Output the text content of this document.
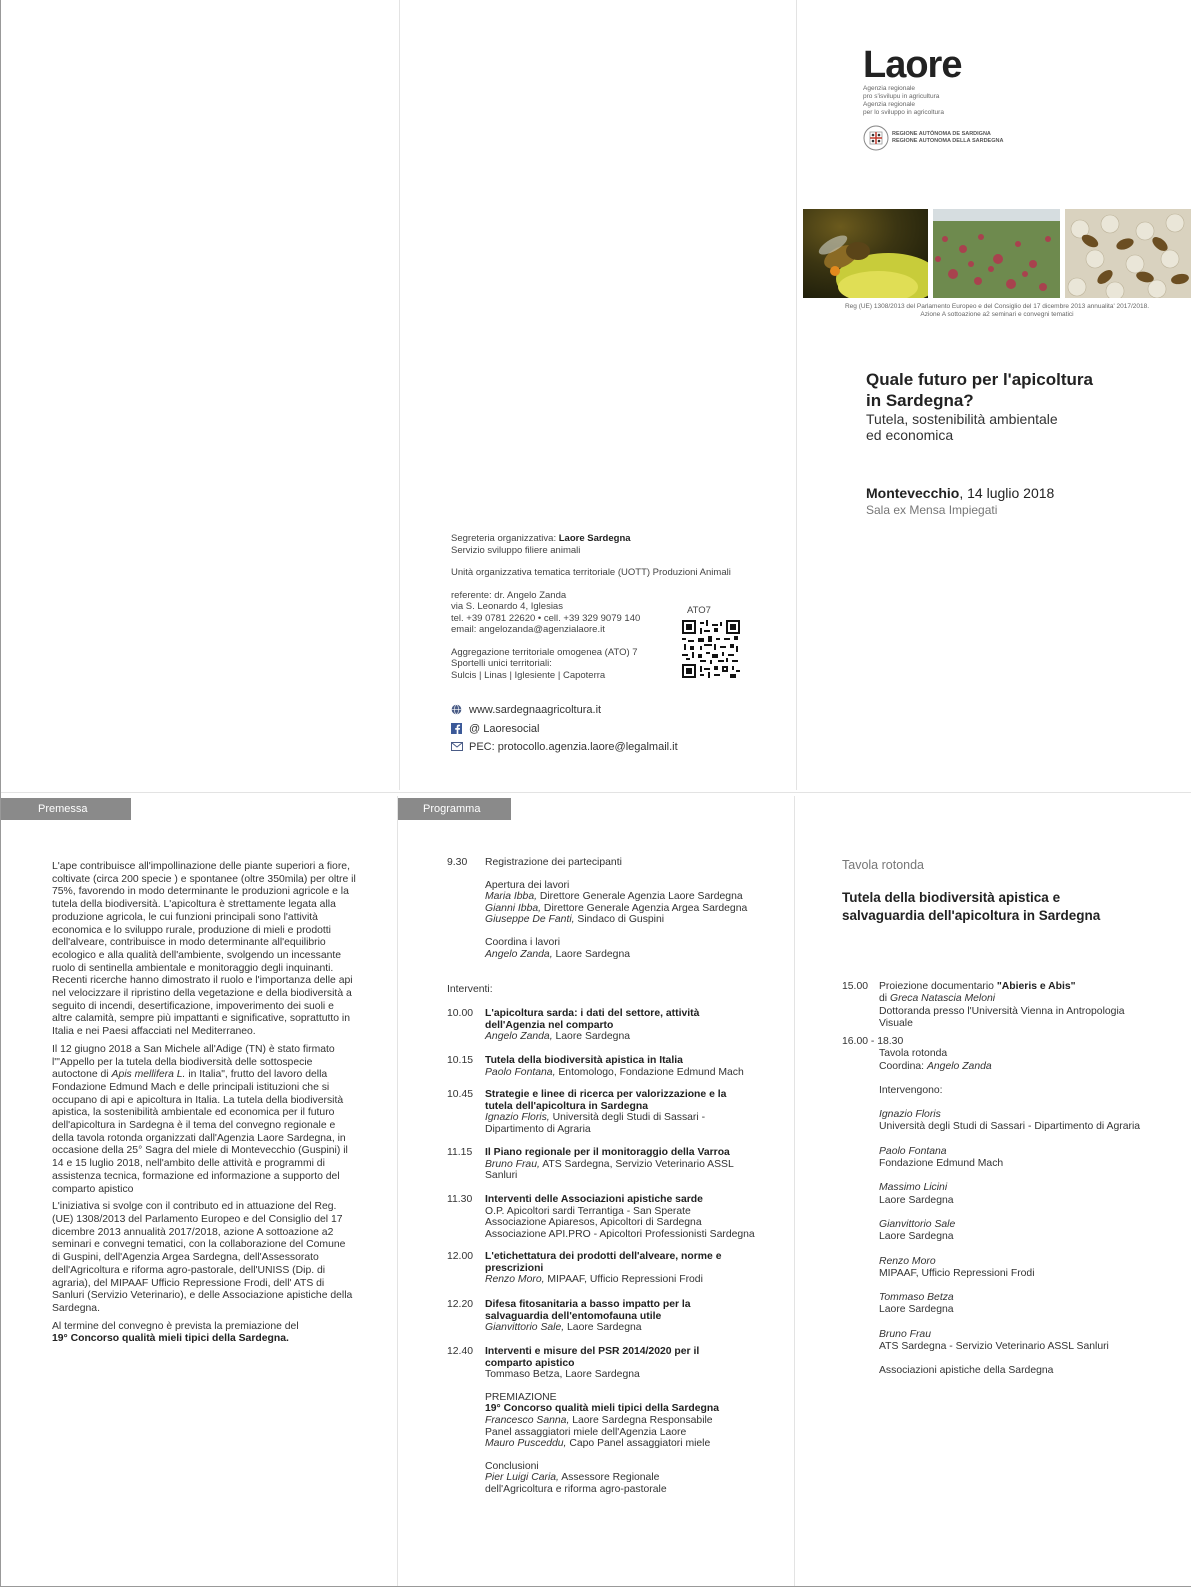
Laore
Agenzia regionale
pro s'isvilupu in agricultura
Agenzia regionale
per lo sviluppo in agricoltura
REGIONE AUTÒNOMA DE SARDIGNA
REGIONE AUTONOMA DELLA SARDEGNA
Reg (UE) 1308/2013 del Parlamento Europeo e del Consiglio del 17 dicembre 2013 annualita' 2017/2018.
Azione A sottoazione a2 seminari e convegni tematici
Quale futuro per l'apicoltura
in Sardegna?
Tutela, sostenibilità ambientale
ed economica
Montevecchio, 14 luglio 2018
Sala ex Mensa Impiegati
Segreteria organizzativa: Laore Sardegna
Servizio sviluppo filiere animali
Unità organizzativa tematica territoriale (UOTT) Produzioni Animali
referente: dr. Angelo Zanda
via S. Leonardo 4, Iglesias
tel. +39 0781 22620 • cell. +39 329 9079 140
email: angelozanda@agenzialaore.it
Aggregazione territoriale omogenea (ATO) 7
Sportelli unici territoriali:
Sulcis | Linas | Iglesiente | Capoterra
ATO7
www.sardegnaagricoltura.it
@ Laoresocial
PEC: protocollo.agenzia.laore@legalmail.it
Premessa
L'ape contribuisce all'impollinazione delle piante superiori a fiore, coltivate (circa 200 specie ) e spontanee (oltre 350mila) per oltre il 75%, favorendo in modo determinante le produzioni agricole e la tutela della biodiversità. L'apicoltura è strettamente legata alla produzione agricola, le cui funzioni principali sono l'attività economica e lo sviluppo rurale, produzione di mieli e prodotti dell'alveare, contribuisce in modo determinante all'equilibrio ecologico e alla qualità dell'ambiente, svolgendo un incessante ruolo di sentinella ambientale e monitoraggio degli inquinanti. Recenti ricerche hanno dimostrato il ruolo e l'importanza delle api nel velocizzare il ripristino della vegetazione e della biodiversità a seguito di incendi, desertificazione, impoverimento dei suoli e altre calamità, sempre più impattanti e significative, soprattutto in Italia e nei Paesi affacciati nel Mediterraneo.
Il 12 giugno 2018 a San Michele all'Adige (TN) è stato firmato l'"Appello per la tutela della biodiversità delle sottospecie autoctone di Apis mellifera L. in Italia", frutto del lavoro della Fondazione Edmund Mach e delle principali istituzioni che si occupano di api e apicoltura in Italia. La tutela della biodiversità apistica, la sostenibilità ambientale ed economica per il futuro dell'apicoltura in Sardegna è il tema del convegno regionale e della tavola rotonda organizzati dall'Agenzia Laore Sardegna, in occasione della 25° Sagra del miele di Montevecchio (Guspini) il 14 e 15 luglio 2018, nell'ambito delle attività e programmi di assistenza tecnica, formazione ed informazione a supporto del comparto apistico
L'iniziativa si svolge con il contributo ed in attuazione del Reg. (UE) 1308/2013 del Parlamento Europeo e del Consiglio del 17 dicembre 2013 annualità 2017/2018, azione A sottoazione a2 seminari e convegni tematici, con la collaborazione del Comune di Guspini, dell'Agenzia Argea Sardegna, dell'Assessorato dell'Agricoltura e riforma agro-pastorale, dell'UNISS (Dip. di agraria), del MIPAAF Ufficio Repressione Frodi, dell' ATS di Sanluri (Servizio Veterinario), e delle Associazione apistiche della Sardegna.
Al termine del convegno è prevista la premiazione del
19° Concorso qualità mieli tipici della Sardegna.
Programma
9.30	Registrazione dei partecipanti
Apertura dei lavori
Maria Ibba, Direttore Generale Agenzia Laore Sardegna
Gianni Ibba, Direttore Generale Agenzia Argea Sardegna
Giuseppe De Fanti, Sindaco di Guspini
Coordina i lavori
Angelo Zanda, Laore Sardegna
Interventi:
10.00	L'apicoltura sarda: i dati del settore, attività dell'Agenzia nel comparto
Angelo Zanda, Laore Sardegna
10.15	Tutela della biodiversità apistica in Italia
Paolo Fontana, Entomologo, Fondazione Edmund Mach
10.45	Strategie e linee di ricerca per valorizzazione e la tutela dell'apicoltura in Sardegna
Ignazio Floris, Università degli Studi di Sassari - Dipartimento di Agraria
11.15	Il Piano regionale per il monitoraggio della Varroa
Bruno Frau, ATS Sardegna, Servizio Veterinario ASSL Sanluri
11.30	Interventi delle Associazioni apistiche sarde
O.P. Apicoltori sardi Terrantiga - San Sperate
Associazione Apiaresos, Apicoltori di Sardegna
Associazione API.PRO - Apicoltori Professionisti Sardegna
12.00	L'etichettatura dei prodotti dell'alveare, norme e prescrizioni
Renzo Moro, MIPAAF, Ufficio Repressioni Frodi
12.20	Difesa fitosanitaria a basso impatto per la salvaguardia dell'entomofauna utile
Gianvittorio Sale, Laore Sardegna
12.40	Interventi e misure del PSR 2014/2020 per il comparto apistico
Tommaso Betza, Laore Sardegna
PREMIAZIONE
19° Concorso qualità mieli tipici della Sardegna
Francesco Sanna, Laore Sardegna Responsabile Panel assaggiatori miele dell'Agenzia Laore
Mauro Pusceddu, Capo Panel assaggiatori miele
Conclusioni
Pier Luigi Caria, Assessore Regionale dell'Agricoltura e riforma agro-pastorale
Tavola rotonda
Tutela della biodiversità apistica e
salvaguardia dell'apicoltura in Sardegna
15.00 Proiezione documentario "Abieris e Abis"
di Greca Natascia Meloni
Dottoranda presso l'Università Vienna in Antropologia Visuale
16.00 - 18.30
Tavola rotonda
Coordina: Angelo Zanda
Intervengono:
Ignazio Floris
Università degli Studi di Sassari - Dipartimento di Agraria
Paolo Fontana
Fondazione Edmund Mach
Massimo Licini
Laore Sardegna
Gianvittorio Sale
Laore Sardegna
Renzo Moro
MIPAAF, Ufficio Repressioni Frodi
Tommaso Betza
Laore Sardegna
Bruno Frau
ATS Sardegna - Servizio Veterinario ASSL Sanluri
Associazioni apistiche della Sardegna
